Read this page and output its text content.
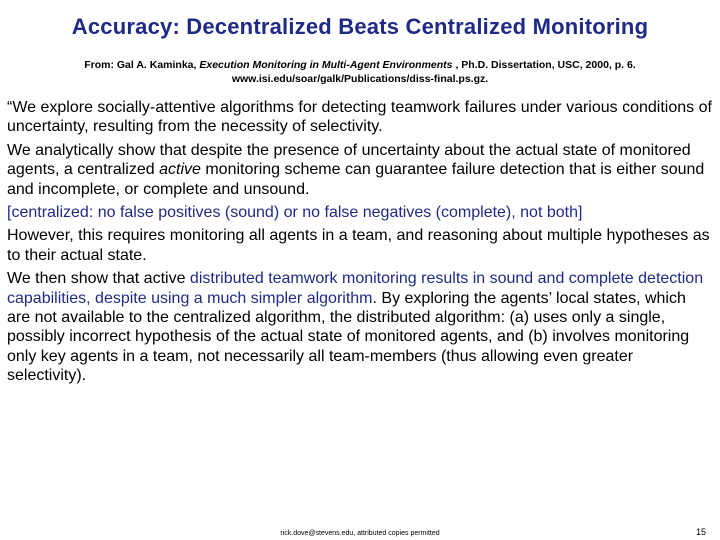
Accuracy: Decentralized Beats Centralized Monitoring
From: Gal A. Kaminka, Execution Monitoring in Multi-Agent Environments , Ph.D. Dissertation, USC, 2000, p. 6.
www.isi.edu/soar/galk/Publications/diss-final.ps.gz.

“We explore socially-attentive algorithms for detecting teamwork failures under various conditions of uncertainty, resulting from the necessity of selectivity.

We analytically show that despite the presence of uncertainty about the actual state of monitored agents, a centralized active monitoring scheme can guarantee failure detection that is either sound and incomplete, or complete and unsound.

[centralized: no false positives (sound) or no false negatives (complete), not both]

However, this requires monitoring all agents in a team, and reasoning about multiple hypotheses as to their actual state.

We then show that active distributed teamwork monitoring results in sound and complete detection capabilities, despite using a much simpler algorithm. By exploring the agents’ local states, which are not available to the centralized algorithm, the distributed algorithm: (a) uses only a single, possibly incorrect hypothesis of the actual state of monitored agents, and (b) involves monitoring only key agents in a team, not necessarily all team-members (thus allowing even greater selectivity).

rick.dove@stevens.edu, attributed copies permitted	15
